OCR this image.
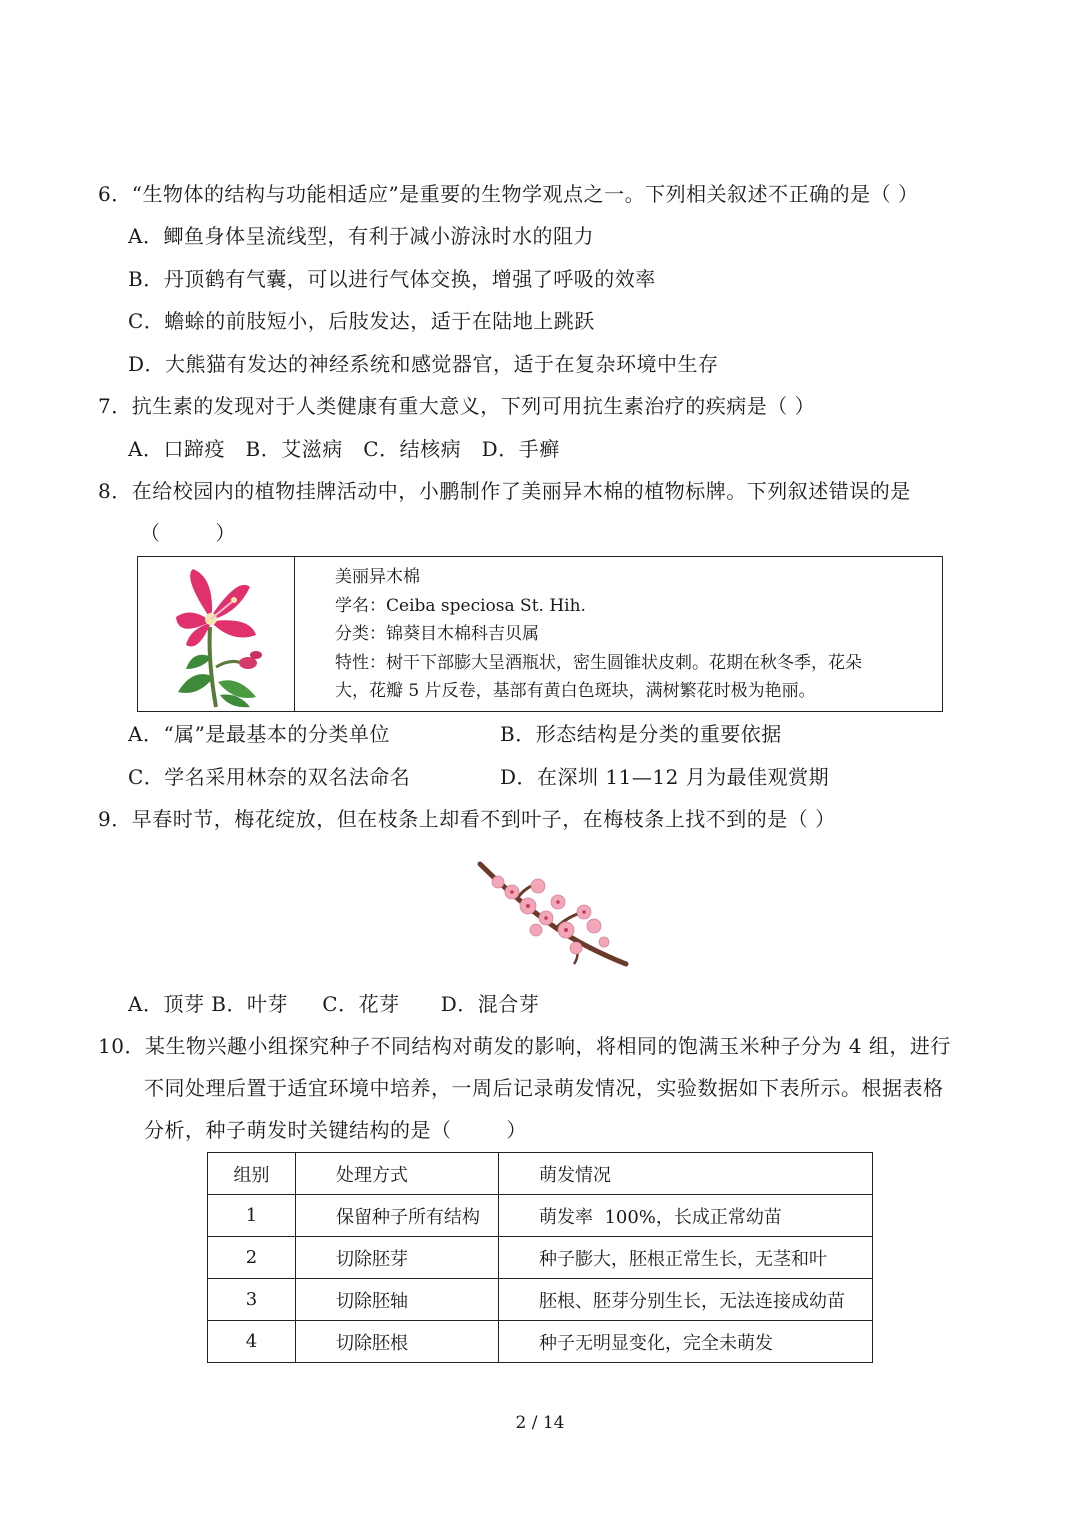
6．“生物体的结构与功能相适应”是重要的生物学观点之一。下列相关叙述不正确的是（ ）
A．鲫鱼身体呈流线型，有利于减小游泳时水的阻力
B．丹顶鹤有气囊，可以进行气体交换，增强了呼吸的效率
C．蟾蜍的前肢短小，后肢发达，适于在陆地上跳跃
D．大熊猫有发达的神经系统和感觉器官，适于在复杂环境中生存
7．抗生素的发现对于人类健康有重大意义，下列可用抗生素治疗的疾病是（ ）
A．口蹄疫   B．艾滋病   C．结核病   D．手癣
8．在给校园内的植物挂牌活动中，小鹏制作了美丽异木棉的植物标牌。下列叙述错误的是
（        ）
美丽异木棉
学名：Ceiba speciosa St. Hih.
分类：锦葵目木棉科吉贝属
特性：树干下部膨大呈酒瓶状，密生圆锥状皮刺。花期在秋冬季，花朵
大，花瓣 5 片反卷，基部有黄白色斑块，满树繁花时极为艳丽。
A．“属”是最基本的分类单位	B．形态结构是分类的重要依据
C．学名采用林奈的双名法命名	D．在深圳 11—12 月为最佳观赏期
9．早春时节，梅花绽放，但在枝条上却看不到叶子，在梅枝条上找不到的是（ ）
A．顶芽 B．叶芽     C．花芽      D．混合芽
10．某生物兴趣小组探究种子不同结构对萌发的影响，将相同的饱满玉米种子分为 4 组，进行
不同处理后置于适宜环境中培养，一周后记录萌发情况，实验数据如下表所示。根据表格
分析，种子萌发时关键结构的是（        ）
组别	处理方式	萌发情况
1	保留种子所有结构	萌发率  100%，长成正常幼苗
2	切除胚芽	种子膨大，胚根正常生长，无茎和叶
3	切除胚轴	胚根、胚芽分别生长，无法连接成幼苗
4	切除胚根	种子无明显变化，完全未萌发
2 / 14
